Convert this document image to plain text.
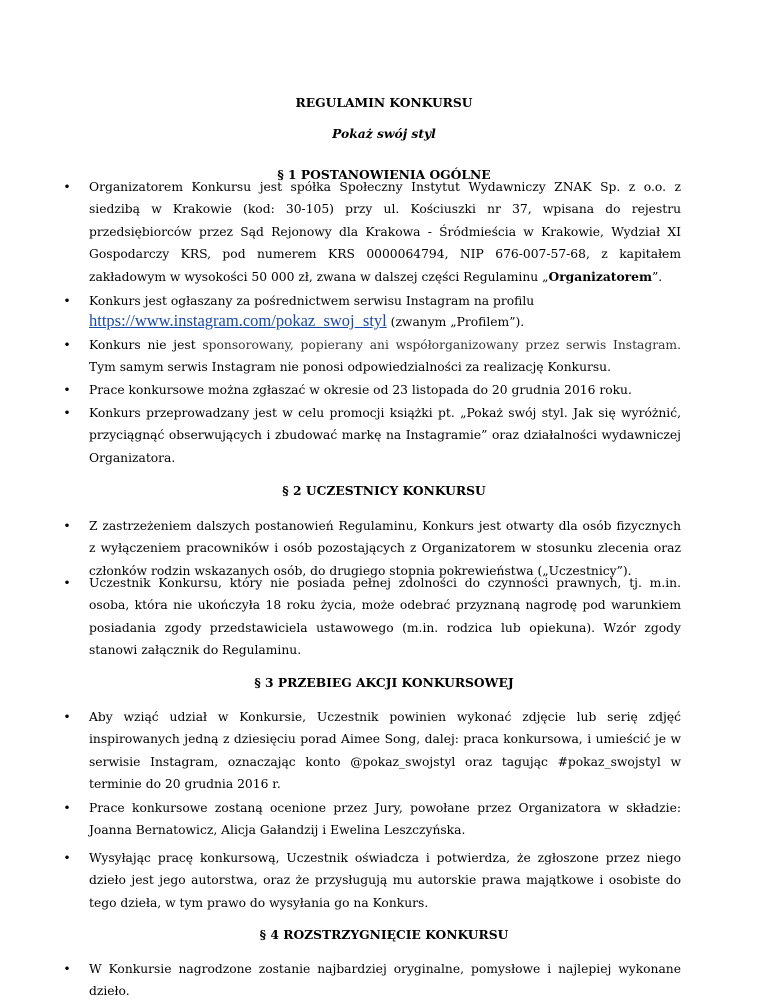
REGULAMIN KONKURSU
Pokaż swój styl
§ 1 POSTANOWIENIA OGÓLNE
• Organizatorem Konkursu jest spółka Społeczny Instytut Wydawniczy ZNAK Sp. z o.o. z siedzibą w Krakowie (kod: 30-105) przy ul. Kościuszki nr 37, wpisana do rejestru przedsiębiorców przez Sąd Rejonowy dla Krakowa - Śródmieścia w Krakowie, Wydział XI Gospodarczy KRS, pod numerem KRS 0000064794, NIP 676-007-57-68, z kapitałem zakładowym w wysokości 50 000 zł, zwana w dalszej części Regulaminu „Organizatorem”.

• Konkurs jest ogłaszany za pośrednictwem serwisu Instagram na profilu

https://www.instagram.com/pokaz_swoj_styl (zwanym „Profilem”).

• Konkurs nie jest sponsorowany, popierany ani współorganizowany przez serwis Instagram. Tym samym serwis Instagram nie ponosi odpowiedzialności za realizację Konkursu.

• Prace konkursowe można zgłaszać w okresie od 23 listopada do 20 grudnia 2016 roku.

• Konkurs przeprowadzany jest w celu promocji książki pt. „Pokaż swój styl. Jak się wyróżnić, przyciągnąć obserwujących i zbudować markę na Instagramie” oraz działalności wydawniczej Organizatora.

§ 2 UCZESTNICY KONKURSU
• Z zastrzeżeniem dalszych postanowień Regulaminu, Konkurs jest otwarty dla osób fizycznych z wyłączeniem pracowników i osób pozostających z Organizatorem w stosunku zlecenia oraz członków rodzin wskazanych osób, do drugiego stopnia pokrewieństwa („Uczestnicy”).

• Uczestnik Konkursu, który nie posiada pełnej zdolności do czynności prawnych, tj. m.in. osoba, która nie ukończyła 18 roku życia, może odebrać przyznaną nagrodę pod warunkiem posiadania zgody przedstawiciela ustawowego (m.in. rodzica lub opiekuna). Wzór zgody stanowi załącznik do Regulaminu.

§ 3 PRZEBIEG AKCJI KONKURSOWEJ
• Aby wziąć udział w Konkursie, Uczestnik powinien wykonać zdjęcie lub serię zdjęć inspirowanych jedną z dziesięciu porad Aimee Song, dalej: praca konkursowa, i umieścić je w serwisie Instagram, oznaczając konto @pokaz_swojstyl oraz tagując #pokaz_swojstyl w terminie do 20 grudnia 2016 r.

• Prace konkursowe zostaną ocenione przez Jury, powołane przez Organizatora w składzie: Joanna Bernatowicz, Alicja Gałandzij i Ewelina Leszczyńska.

• Wysyłając pracę konkursową, Uczestnik oświadcza i potwierdza, że zgłoszone przez niego dzieło jest jego autorstwa, oraz że przysługują mu autorskie prawa majątkowe i osobiste do tego dzieła, w tym prawo do wysyłania go na Konkurs.

§ 4 ROZSTRZYGNIĘCIE KONKURSU
• W Konkursie nagrodzone zostanie najbardziej oryginalne, pomysłowe i najlepiej wykonane dzieło.
